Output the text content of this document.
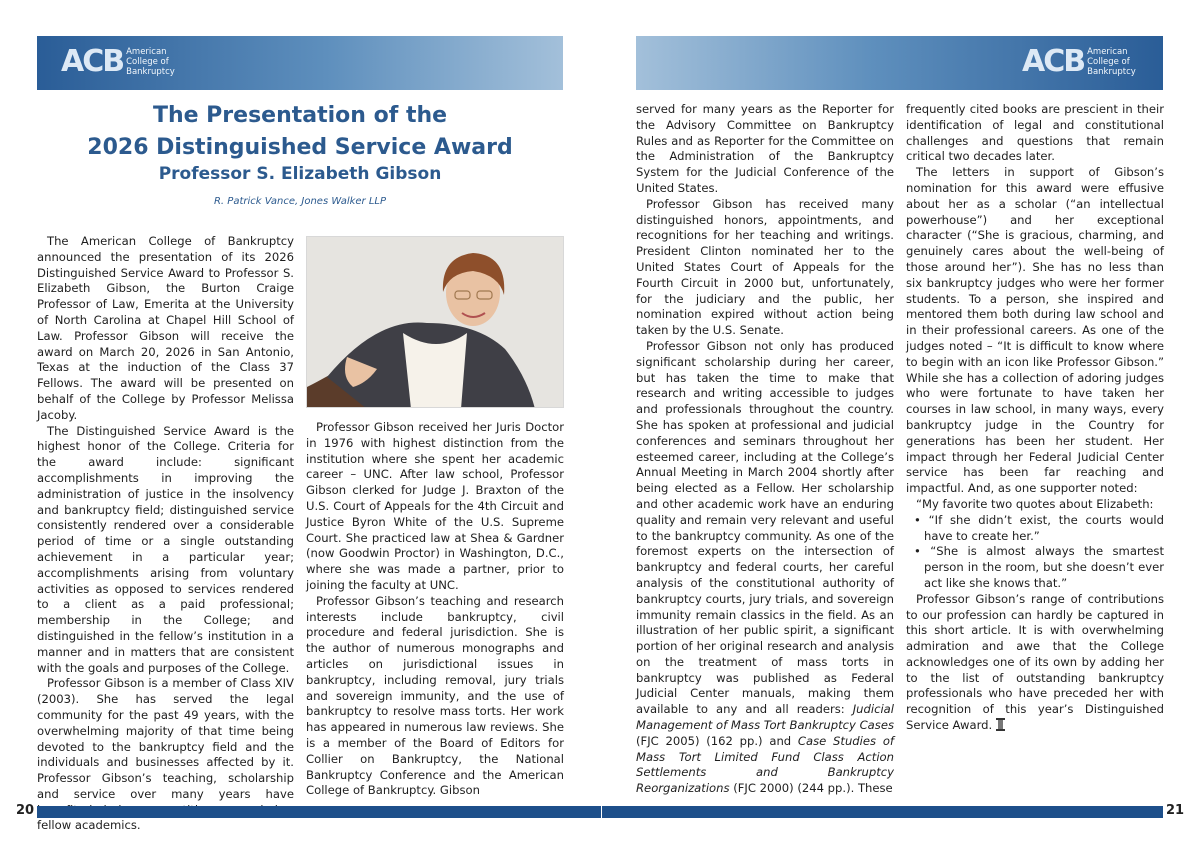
ACB American
College of
Bankruptcy	ACB American
College of
Bankruptcy
The Presentation of the
2026 Distinguished Service Award
Professor S. Elizabeth Gibson
R. Patrick Vance, Jones Walker LLP

The American College of Bankruptcy announced the presentation of its 2026 Distinguished Service Award to Professor S. Elizabeth Gibson, the Burton Craige Professor of Law, Emerita at the University of North Carolina at Chapel Hill School of Law. Professor Gibson will receive the award on March 20, 2026 in San Antonio, Texas at the induction of the Class 37 Fellows. The award will be presented on behalf of the College by Professor Melissa Jacoby.

The Distinguished Service Award is the highest honor of the College. Criteria for the award include: significant accomplishments in improving the administration of justice in the insolvency and bankruptcy field; distinguished service consistently rendered over a considerable period of time or a single outstanding achievement in a particular year; accomplishments arising from voluntary activities as opposed to services rendered to a client as a paid professional; membership in the College; and distinguished in the fellow’s institution in a manner and in matters that are consistent with the goals and purposes of the College.

Professor Gibson is a member of Class XIV (2003). She has served the legal community for the past 49 years, with the overwhelming majority of that time being devoted to the bankruptcy field and the individuals and businesses affected by it. Professor Gibson’s teaching, scholarship and service over many years have fellow academics.

Professor Gibson received her Juris Doctor in 1976 with highest distinction from the institution where she spent her academic career – UNC. After law school, Professor Gibson clerked for Judge J. Braxton of the U.S. Court of Appeals for the 4th Circuit and Justice Byron White of the U.S. Supreme Court. She practiced law at Shea & Gardner (now Goodwin Proctor) in Washington, D.C., where she was made a partner, prior to joining the faculty at UNC.

Professor Gibson’s teaching and research interests include bankruptcy, civil procedure and federal jurisdiction. She is the author of numerous monographs and articles on jurisdictional issues in bankruptcy, including removal, jury trials and sovereign immunity, and the use of bankruptcy to resolve mass torts. Her work has appeared in numerous law reviews. She is a member of the Board of Editors for Collier on Bankruptcy, the National Bankruptcy Conference and the American College of Bankruptcy. Gibson

served for many years as the Reporter for the Advisory Committee on Bankruptcy Rules and as Reporter for the Committee on the Administration of the Bankruptcy System for the Judicial Conference of the United States.

Professor Gibson has received many distinguished honors, appointments, and recognitions for her teaching and writings. President Clinton nominated her to the United States Court of Appeals for the Fourth Circuit in 2000 but, unfortunately, for the judiciary and the public, her nomination expired without action being taken by the U.S. Senate.

Professor Gibson not only has produced significant scholarship during her career, but has taken the time to make that research and writing accessible to judges and professionals throughout the country. She has spoken at professional and judicial conferences and seminars throughout her esteemed career, including at the College’s Annual Meeting in March 2004 shortly after being elected as a Fellow. Her scholarship and other academic work have an enduring quality and remain very relevant and useful to the bankruptcy community. As one of the foremost experts on the intersection of bankruptcy and federal courts, her careful analysis of the constitutional authority of bankruptcy courts, jury trials, and sovereign immunity remain classics in the field. As an illustration of her public spirit, a significant portion of her original research and analysis on the treatment of mass torts in bankruptcy was published as Federal Judicial Center manuals, making them available to any and all readers: Judicial Management of Mass Tort Bankruptcy Cases (FJC 2005) (162 pp.) and Case Studies of Mass Tort Limited Fund Class Action Settlements and Bankruptcy Reorganizations (FJC 2000) (244 pp.). These

frequently cited books are prescient in their identification of legal and constitutional challenges and questions that remain critical two decades later.

The letters in support of Gibson’s nomination for this award were effusive about her as a scholar (“an intellectual powerhouse”) and her exceptional character (“She is gracious, charming, and genuinely cares about the well-being of those around her”). She has no less than six bankruptcy judges who were her former students. To a person, she inspired and mentored them both during law school and in their professional careers. As one of the judges noted – “It is difficult to know where to begin with an icon like Professor Gibson.” While she has a collection of adoring judges who were fortunate to have taken her courses in law school, in many ways, every bankruptcy judge in the Country for generations has been her student. Her impact through her Federal Judicial Center service has been far reaching and impactful. And, as one supporter noted:

“My favorite two quotes about Elizabeth:

• “If she didn’t exist, the courts would have to create her.”

• “She is almost always the smartest person in the room, but she doesn’t ever act like she knows that.”

Professor Gibson’s range of contributions to our profession can hardly be captured in this short article. It is with overwhelming admiration and awe that the College acknowledges one of its own by adding her to the list of outstanding bankruptcy professionals who have preceded her with recognition of this year’s Distinguished Service Award.

20	21
